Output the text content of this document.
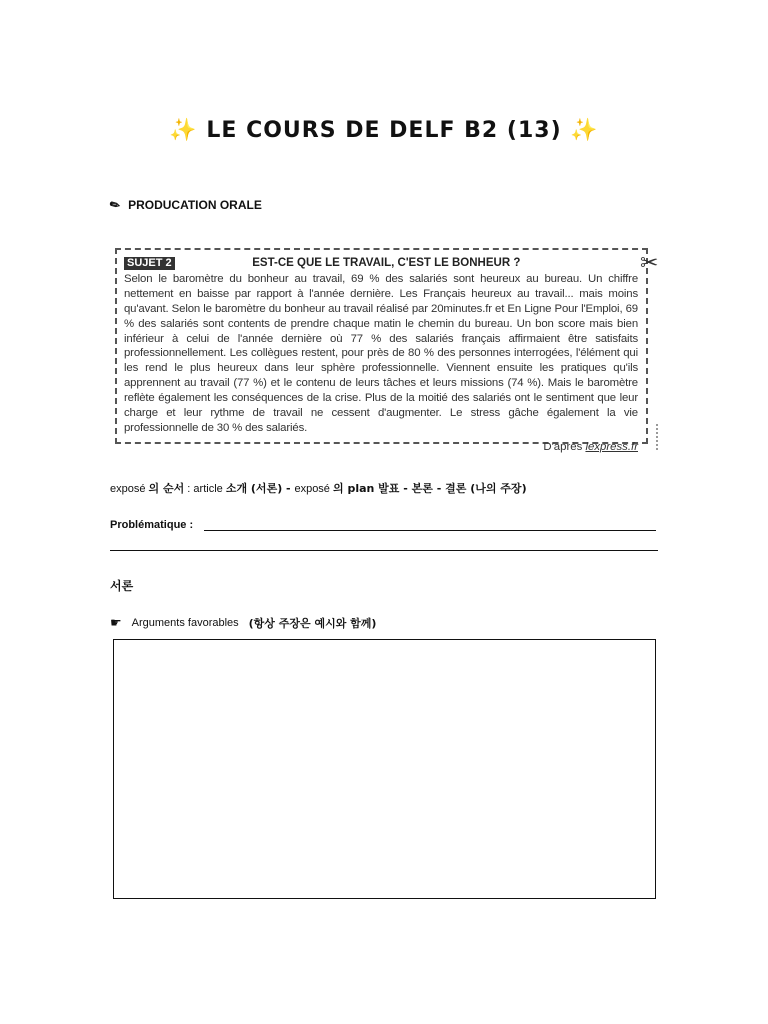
✨ LE COURS DE DELF B2 (13) ✨
✎ PRODUCATION ORALE
SUJET 2	EST-CE QUE LE TRAVAIL, C'EST LE BONHEUR ?
Selon le baromètre du bonheur au travail, 69 % des salariés sont heureux au bureau. Un chiffre nettement en baisse par rapport à l'année dernière. Les Français heureux au travail... mais moins qu'avant. Selon le baromètre du bonheur au travail réalisé par 20minutes.fr et En Ligne Pour l'Emploi, 69 % des salariés sont contents de prendre chaque matin le chemin du bureau. Un bon score mais bien inférieur à celui de l'année dernière où 77 % des salariés français affirmaient être satisfaits professionnellement. Les collègues restent, pour près de 80 % des personnes interrogées, l'élément qui les rend le plus heureux dans leur sphère professionnelle. Viennent ensuite les pratiques qu'ils apprennent au travail (77 %) et le contenu de leurs tâches et leurs missions (74 %). Mais le baromètre reflète également les conséquences de la crise. Plus de la moitié des salariés ont le sentiment que leur charge et leur rythme de travail ne cessent d'augmenter. Le stress gâche également la vie professionnelle de 30 % des salariés.
D'après lexpress.fr
✂
exposé 의 순서 : article 소개 (서론) - exposé 의 plan 발표 - 본론 - 결론 (나의 주장)
Problématique :
서론
☛ Arguments favorables (항상 주장은 예시와 함께)
